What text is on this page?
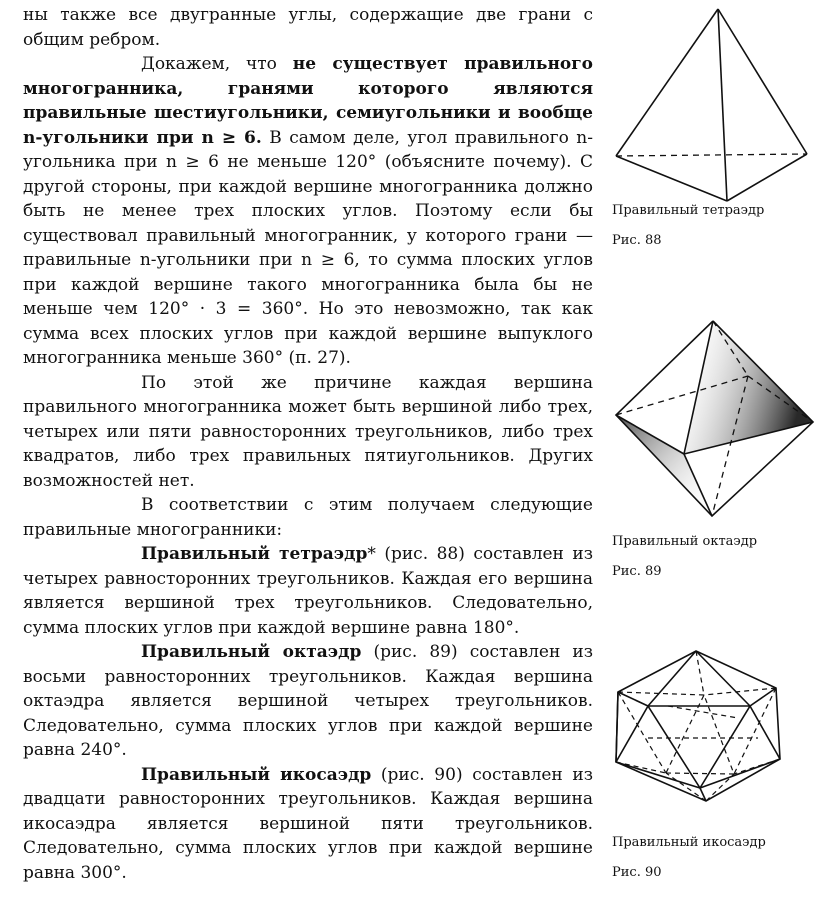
ны также все двугранные углы, содержащие две грани с общим ребром.

Докажем, что не существует правильного многогранника, гранями которого являются правильные шестиугольники, семиугольники и вообще n-угольники при n ≥ 6. В самом деле, угол правильного n-угольника при n ≥ 6 не меньше 120° (объясните почему). С другой стороны, при каждой вершине многогранника должно быть не менее трех плоских углов. Поэтому если бы существовал правильный многогранник, у которого грани — правильные n-угольники при n ≥ 6, то сумма плоских углов при каждой вершине такого многогранника была бы не меньше чем 120° · 3 = 360°. Но это невозможно, так как сумма всех плоских углов при каждой вершине выпуклого многогранника меньше 360° (п. 27).

По этой же причине каждая вершина правильного многогранника может быть вершиной либо трех, четырех или пяти равносторонних треугольников, либо трех квадратов, либо трех правильных пятиугольников. Других возможностей нет.

В соответствии с этим получаем следующие правильные многогранники:

Правильный тетраэдр* (рис. 88) составлен из четырех равносторонних треугольников. Каждая его вершина является вершиной трех треугольников. Следовательно, сумма плоских углов при каждой вершине равна 180°.

Правильный октаэдр (рис. 89) составлен из восьми равносторонних треугольников. Каждая вершина октаэдра является вершиной четырех треугольников. Следовательно, сумма плоских углов при каждой вершине равна 240°.

Правильный икосаэдр (рис. 90) составлен из двадцати равносторонних треугольников. Каждая вершина икосаэдра является вершиной пяти треугольников. Следовательно, сумма плоских углов при каждой вершине равна 300°.

Правильный тетраэдр
Рис. 88
Правильный октаэдр
Рис. 89
Правильный икосаэдр
Рис. 90
